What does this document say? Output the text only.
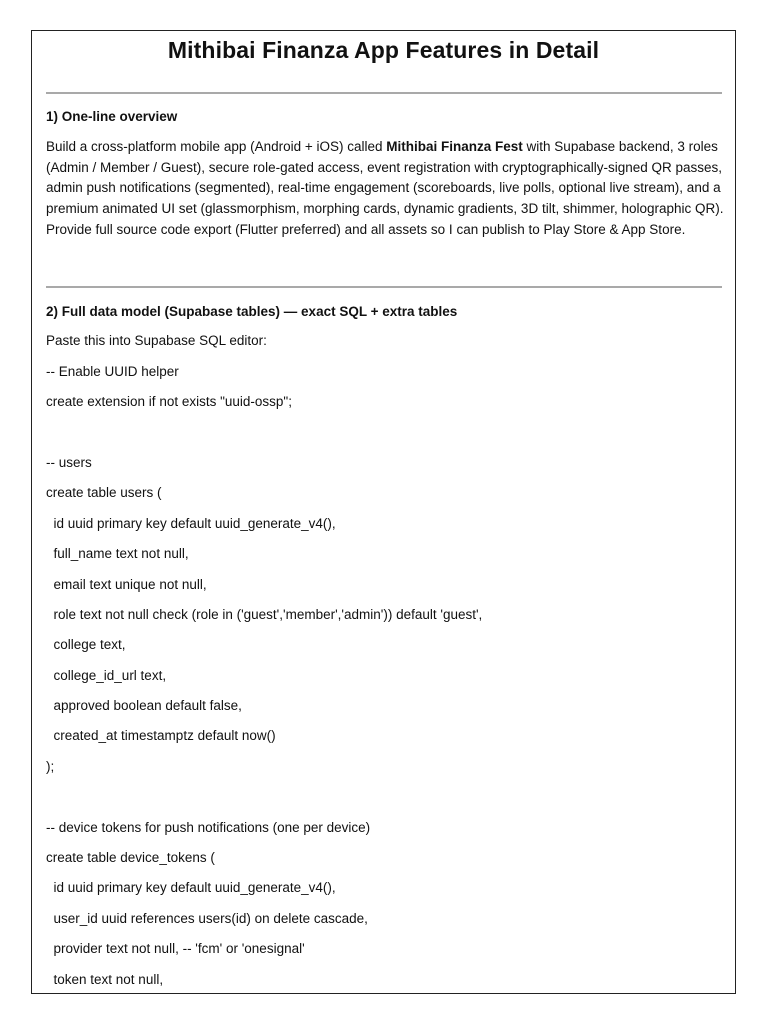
Mithibai Finanza App Features in Detail
1) One-line overview

Build a cross-platform mobile app (Android + iOS) called Mithibai Finanza Fest with Supabase backend, 3 roles (Admin / Member / Guest), secure role-gated access, event registration with cryptographically-signed QR passes, admin push notifications (segmented), real-time engagement (scoreboards, live polls, optional live stream), and a premium animated UI set (glassmorphism, morphing cards, dynamic gradients, 3D tilt, shimmer, holographic QR). Provide full source code export (Flutter preferred) and all assets so I can publish to Play Store & App Store.

2) Full data model (Supabase tables) — exact SQL + extra tables
Paste this into Supabase SQL editor:
-- Enable UUID helper
create extension if not exists "uuid-ossp";
-- users
create table users (
id uuid primary key default uuid_generate_v4(),
full_name text not null,
email text unique not null,
role text not null check (role in ('guest','member','admin')) default 'guest',
college text,
college_id_url text,
approved boolean default false,
created_at timestamptz default now()
);
-- device tokens for push notifications (one per device)
create table device_tokens (
id uuid primary key default uuid_generate_v4(),
user_id uuid references users(id) on delete cascade,
provider text not null, -- 'fcm' or 'onesignal'
token text not null,
